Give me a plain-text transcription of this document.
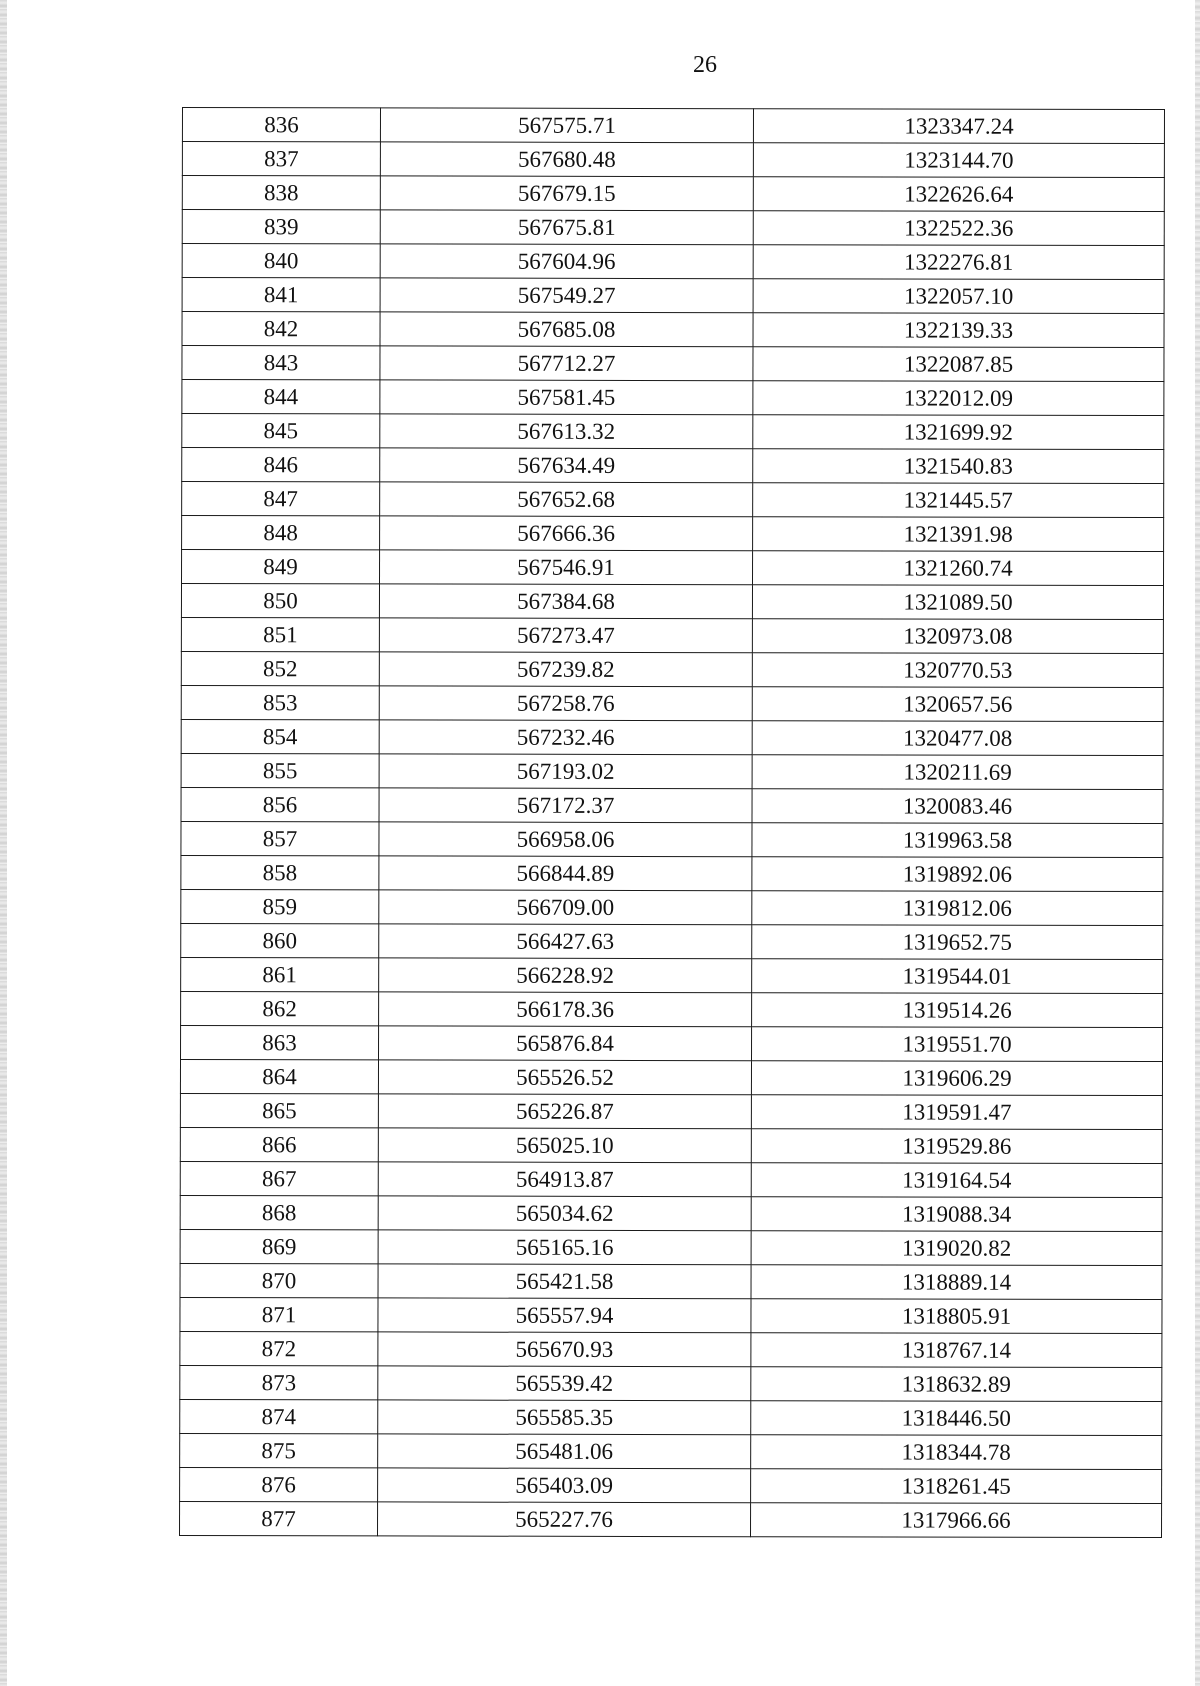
26
836	567575.71	1323347.24
837	567680.48	1323144.70
838	567679.15	1322626.64
839	567675.81	1322522.36
840	567604.96	1322276.81
841	567549.27	1322057.10
842	567685.08	1322139.33
843	567712.27	1322087.85
844	567581.45	1322012.09
845	567613.32	1321699.92
846	567634.49	1321540.83
847	567652.68	1321445.57
848	567666.36	1321391.98
849	567546.91	1321260.74
850	567384.68	1321089.50
851	567273.47	1320973.08
852	567239.82	1320770.53
853	567258.76	1320657.56
854	567232.46	1320477.08
855	567193.02	1320211.69
856	567172.37	1320083.46
857	566958.06	1319963.58
858	566844.89	1319892.06
859	566709.00	1319812.06
860	566427.63	1319652.75
861	566228.92	1319544.01
862	566178.36	1319514.26
863	565876.84	1319551.70
864	565526.52	1319606.29
865	565226.87	1319591.47
866	565025.10	1319529.86
867	564913.87	1319164.54
868	565034.62	1319088.34
869	565165.16	1319020.82
870	565421.58	1318889.14
871	565557.94	1318805.91
872	565670.93	1318767.14
873	565539.42	1318632.89
874	565585.35	1318446.50
875	565481.06	1318344.78
876	565403.09	1318261.45
877	565227.76	1317966.66
